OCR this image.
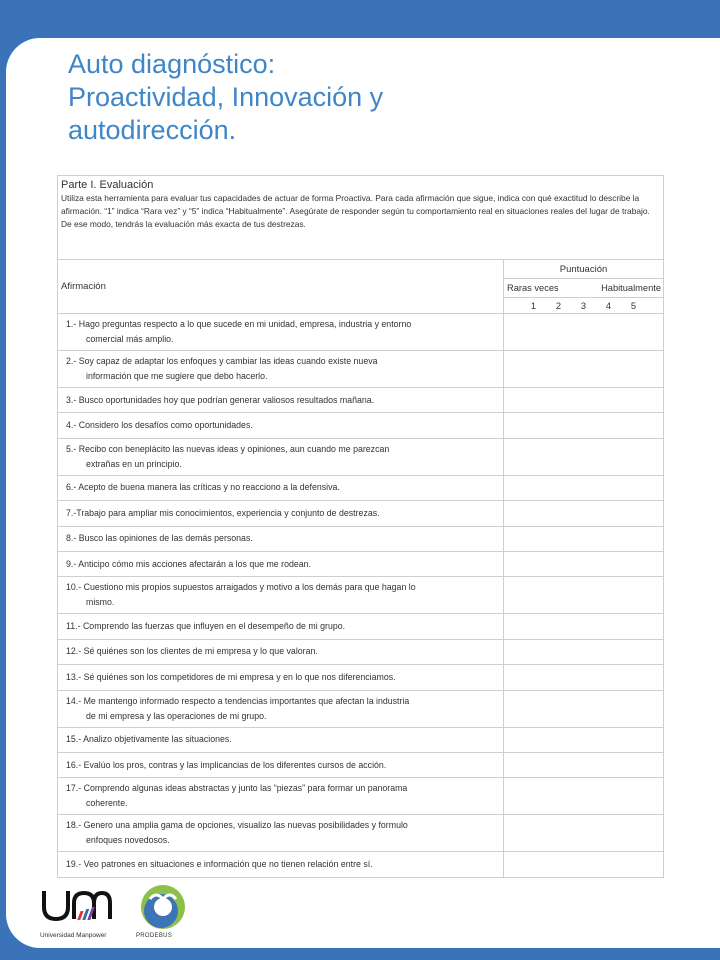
Auto diagnóstico:
Proactividad, Innovación y
autodirección.
Parte I. Evaluación
Utiliza esta herramienta para evaluar tus capacidades de actuar de forma Proactiva. Para cada afirmación que sigue, indica con qué exactitud lo describe la afirmación. “1” indica “Rara vez” y “5” indica “Habitualmente”. Asegúrate de responder según tu comportamiento real en situaciones reales del lugar de trabajo. De ese modo, tendrás la evaluación más exacta de tus destrezas.	

Afirmación	Puntuación

	Raras veces Habitualmente

	1 2 3 4 5

1.- Hago preguntas respecto a lo que sucede en mi unidad, empresa, industria y entorno
comercial más amplio.	

2.- Soy capaz de adaptar los enfoques y cambiar las ideas cuando existe nueva
información que me sugiere que debo hacerlo.	

3.- Busco oportunidades hoy que podrían generar valiosos resultados mañana.	

4.- Considero los desafíos como oportunidades.	

5.- Recibo con beneplácito las nuevas ideas y opiniones, aun cuando me parezcan
extrañas en un principio.	

6.- Acepto de buena manera las críticas y no reacciono a la defensiva.	

7.-Trabajo para ampliar mis conocimientos, experiencia y conjunto de destrezas.	

8.- Busco las opiniones de las demás personas.	

9.- Anticipo cómo mis acciones afectarán a los que me rodean.	

10.- Cuestiono mis propios supuestos arraigados y motivo a los demás para que hagan lo
mismo.	

11.- Comprendo las fuerzas que influyen en el desempeño de mi grupo.	

12.- Sé quiénes son los clientes de mi empresa y lo que valoran.	

13.- Sé quiénes son los competidores de mi empresa y en lo que nos diferenciamos.	

14.- Me mantengo informado respecto a tendencias importantes que afectan la industria
de mi empresa y las operaciones de mi grupo.	

15.- Analizo objetivamente las situaciones.	

16.- Evalúo los pros, contras y las implicancias de los diferentes cursos de acción.	

17.- Comprendo algunas ideas abstractas y junto las “piezas” para formar un panorama
coherente.	

18.- Genero una amplia gama de opciones, visualizo las nuevas posibilidades y formulo
enfoques novedosos.	

19.- Veo patrones en situaciones e información que no tienen relación entre sí.	

Universidad Manpower	PRODEBUS
